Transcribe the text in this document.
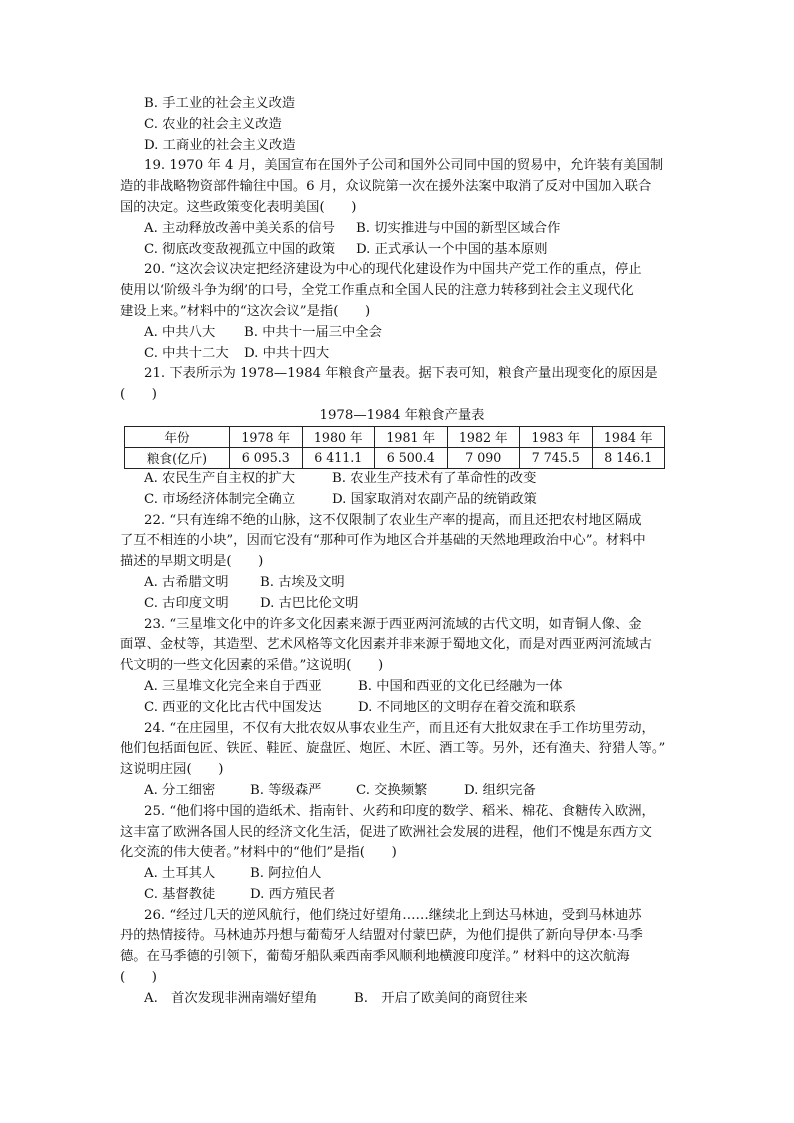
B. 手工业的社会主义改造
C. 农业的社会主义改造
D. 工商业的社会主义改造
19. 1970 年 4 月，美国宣布在国外子公司和国外公司同中国的贸易中，允许装有美国制
造的非战略物资部件输往中国。6 月，众议院第一次在援外法案中取消了反对中国加入联合
国的决定。这些政策变化表明美国(　　)
A. 主动释放改善中美关系的信号 B. 切实推进与中国的新型区域合作
C. 彻底改变敌视孤立中国的政策 D. 正式承认一个中国的基本原则
20. “这次会议决定把经济建设为中心的现代化建设作为中国共产党工作的重点，停止
使用以‘阶级斗争为纲’的口号，全党工作重点和全国人民的注意力转移到社会主义现代化
建设上来。”材料中的“这次会议”是指(　　)
A. 中共八大 B. 中共十一届三中全会
C. 中共十二大 D. 中共十四大
21. 下表所示为 1978—1984 年粮食产量表。据下表可知，粮食产量出现变化的原因是
(　　)
1978—1984 年粮食产量表
年份	1978 年	1980 年	1981 年	1982 年	1983 年	1984 年
粮食(亿斤)	6 095.3	6 411.1	6 500.4	7 090	7 745.5	8 146.1
A. 农民生产自主权的扩大	B. 农业生产技术有了革命性的改变
C. 市场经济体制完全确立	D. 国家取消对农副产品的统销政策
22. “只有连绵不绝的山脉，这不仅限制了农业生产率的提高，而且还把农村地区隔成
了互不相连的小块”，因而它没有“那种可作为地区合并基础的天然地理政治中心”。材料中
描述的早期文明是(　　)
A. 古希腊文明 B. 古埃及文明
C. 古印度文明 D. 古巴比伦文明
23. “三星堆文化中的许多文化因素来源于西亚两河流域的古代文明，如青铜人像、金
面罩、金杖等，其造型、艺术风格等文化因素并非来源于蜀地文化，而是对西亚两河流域古
代文明的一些文化因素的采借。”这说明(　　)
A. 三星堆文化完全来自于西亚	B. 中国和西亚的文化已经融为一体
C. 西亚的文化比古代中国发达	D. 不同地区的文明存在着交流和联系
24. “在庄园里，不仅有大批农奴从事农业生产，而且还有大批奴隶在手工作坊里劳动，
他们包括面包匠、铁匠、鞋匠、旋盘匠、炮匠、木匠、酒工等。另外，还有渔夫、狩猎人等。”
这说明庄园(　　)
A. 分工细密	B. 等级森严	C. 交换频繁	D. 组织完备
25. “他们将中国的造纸术、指南针、火药和印度的数学、稻米、棉花、食糖传入欧洲，
这丰富了欧洲各国人民的经济文化生活，促进了欧洲社会发展的进程，他们不愧是东西方文
化交流的伟大使者。”材料中的“他们”是指(　　)
A. 土耳其人	B. 阿拉伯人
C. 基督教徒	D. 西方殖民者
26. “经过几天的逆风航行，他们绕过好望角……继续北上到达马林迪，受到马林迪苏
丹的热情接待。马林迪苏丹想与葡萄牙人结盟对付蒙巴萨，为他们提供了新向导伊本·马季
德。在马季德的引领下，葡萄牙船队乘西南季风顺利地横渡印度洋。” 材料中的这次航海
(　　)
A.　首次发现非洲南端好望角	B.　开启了欧美间的商贸往来
